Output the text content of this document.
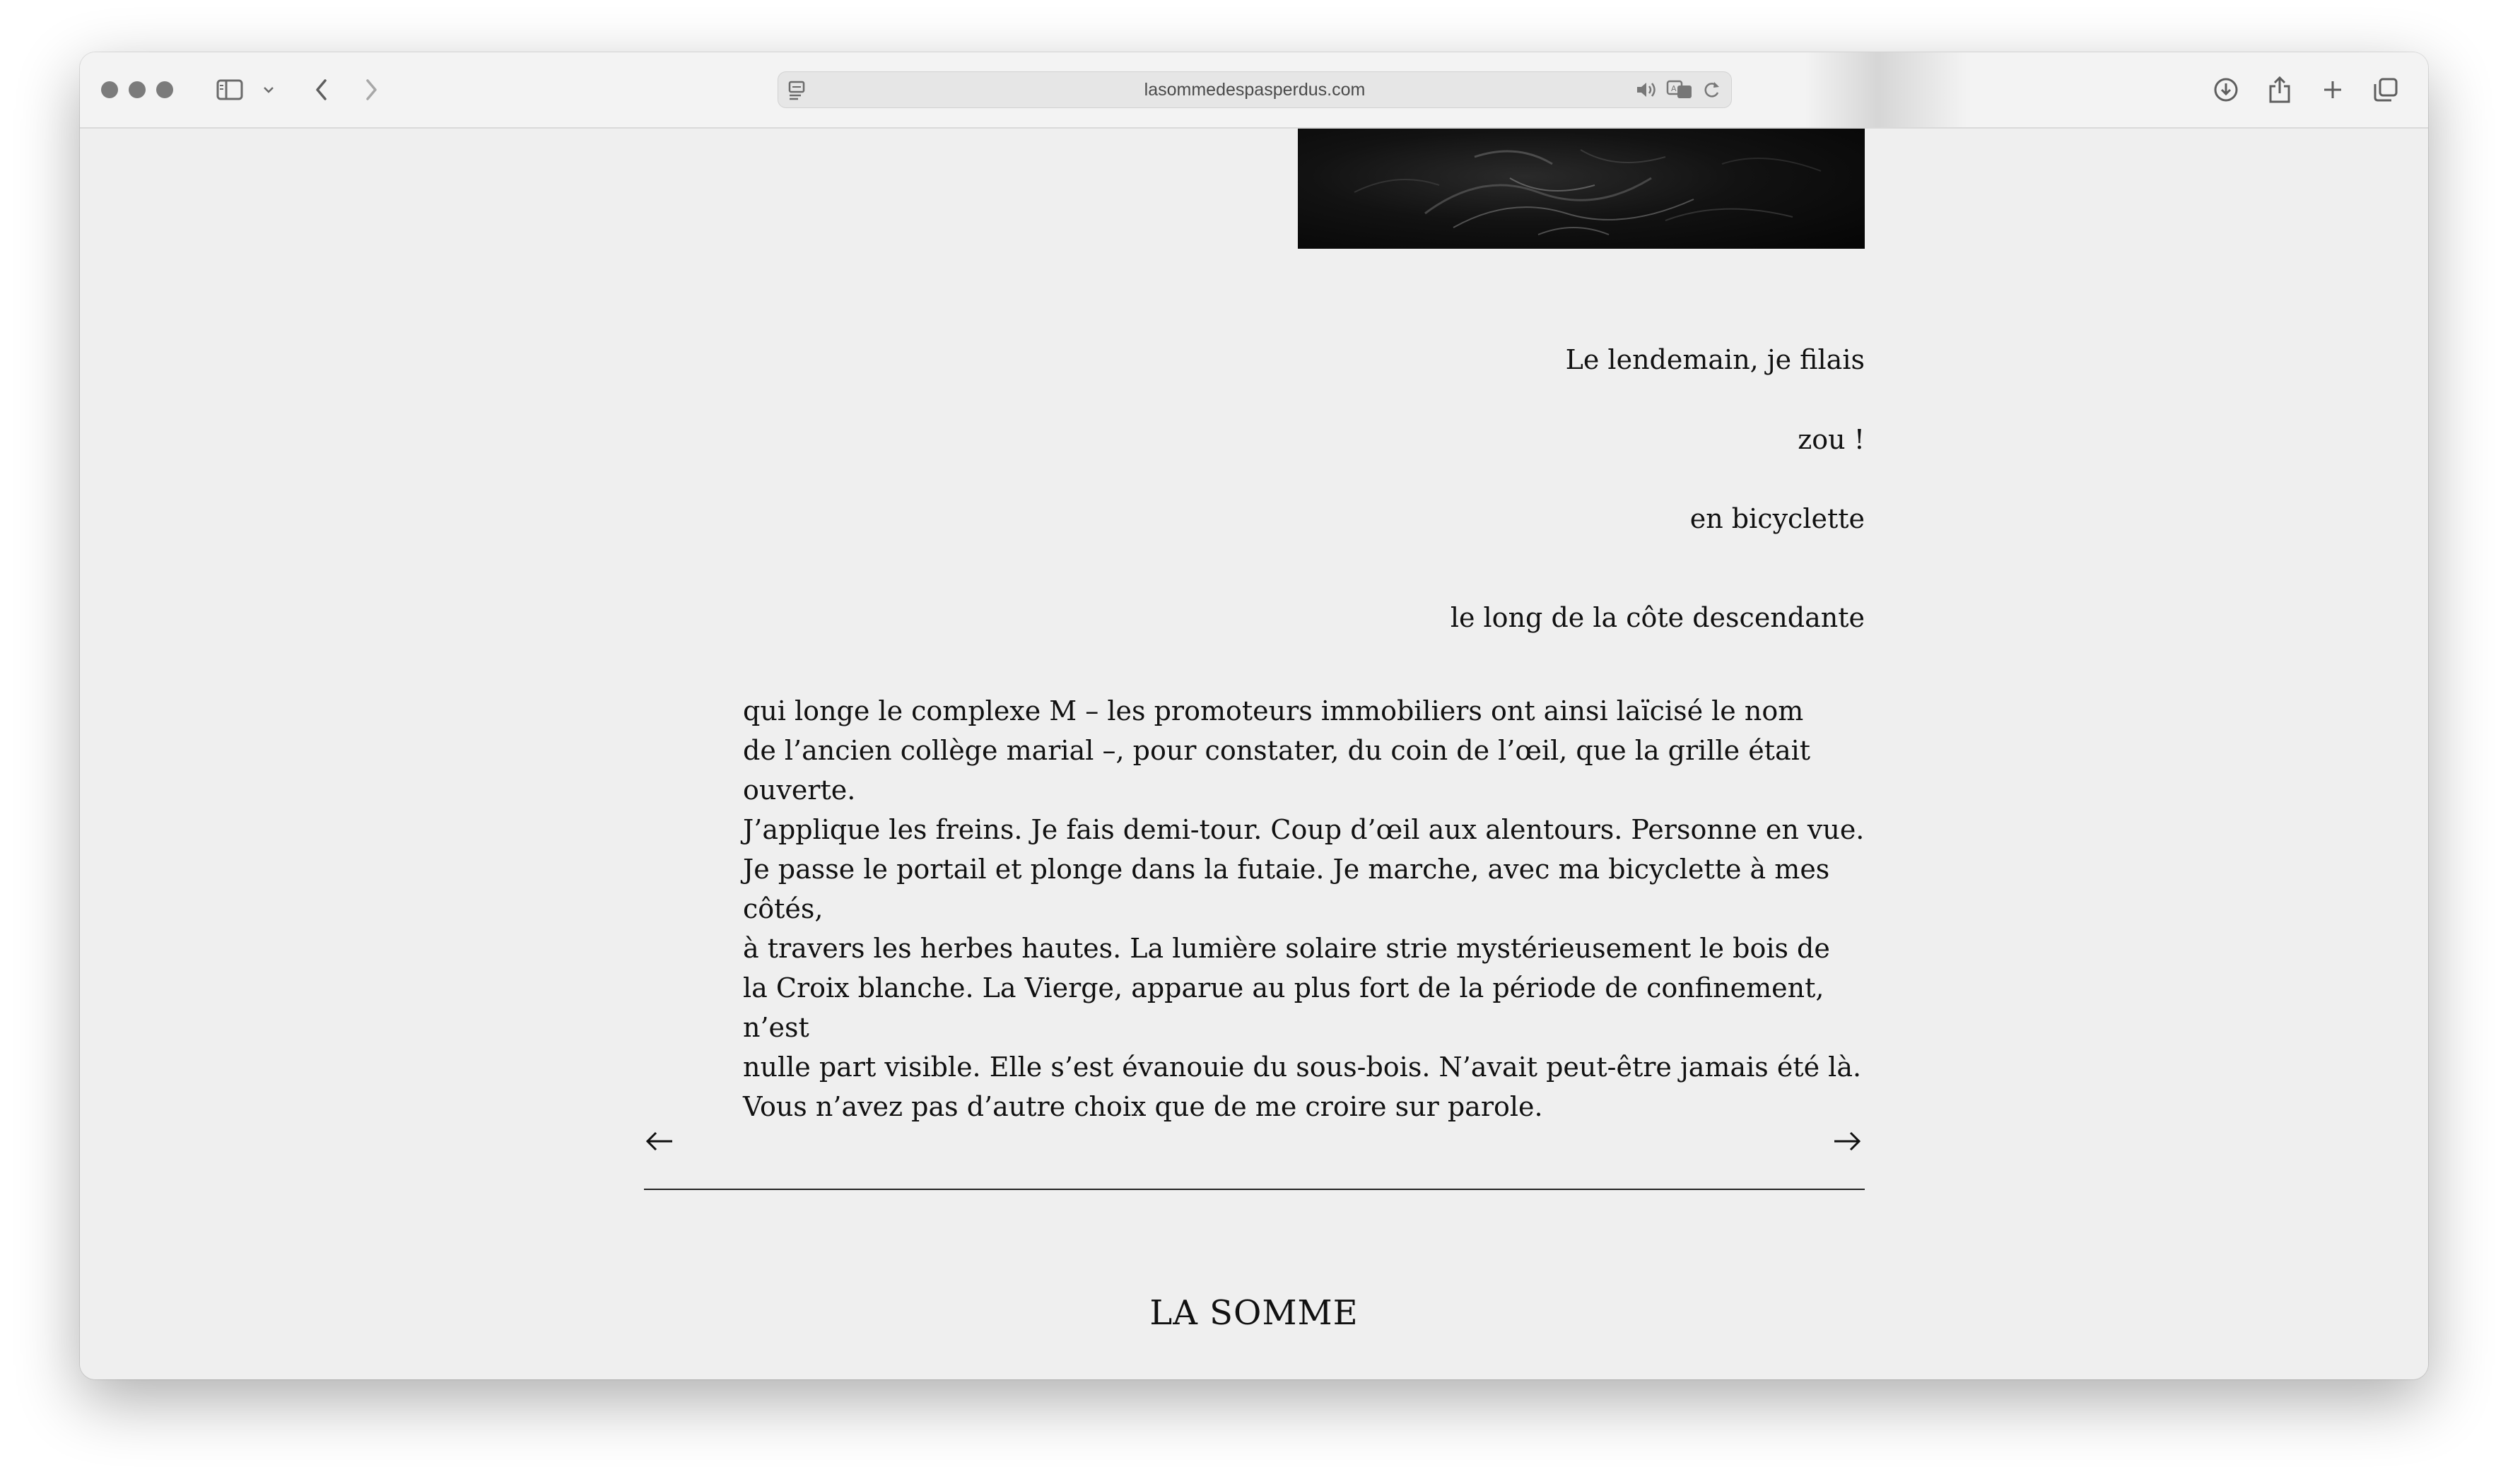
lasommedespasperdus.com	A
Le lendemain, je filais
zou !
en bicyclette
le long de la côte descendante
qui longe le complexe M – les promoteurs immobiliers ont ainsi laïcisé le nom
de l’ancien collège marial –, pour constater, du coin de l’œil, que la grille était ouverte.
J’applique les freins. Je fais demi-tour. Coup d’œil aux alentours. Personne en vue.
Je passe le portail et plonge dans la futaie. Je marche, avec ma bicyclette à mes côtés,
à travers les herbes hautes. La lumière solaire strie mystérieusement le bois de
la Croix blanche. La Vierge, apparue au plus fort de la période de confinement, n’est
nulle part visible. Elle s’est évanouie du sous-bois. N’avait peut-être jamais été là.
Vous n’avez pas d’autre choix que de me croire sur parole.
LA SOMME
